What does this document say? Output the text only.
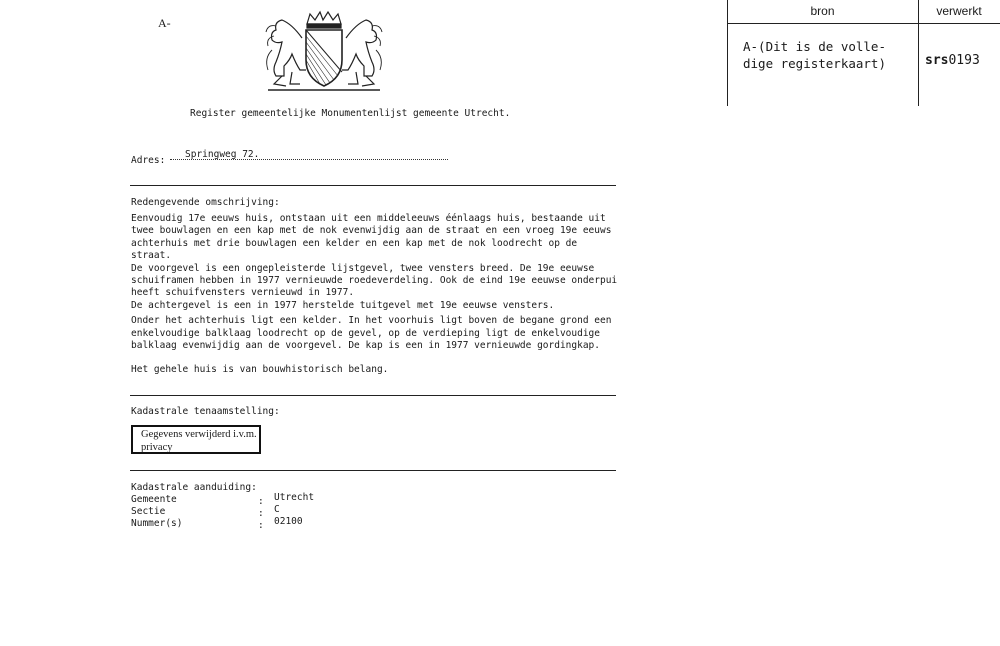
A-
Register gemeentelijke Monumentenlijst gemeente Utrecht.
Adres:
Springweg 72.
Redengevende omschrijving:

Eenvoudig 17e eeuws huis, ontstaan uit een middeleeuws éénlaags huis, bestaande uit twee bouwlagen en een kap met de nok evenwijdig aan de straat en een vroeg 19e eeuws achterhuis met drie bouwlagen een kelder en een kap met de nok loodrecht op de straat.

De voorgevel is een ongepleisterde lijstgevel, twee vensters breed. De 19e eeuwse schuiframen hebben in 1977 vernieuwde roedeverdeling. Ook de eind 19e eeuwse onderpui heeft schuifvensters vernieuwd in 1977.

De achtergevel is een in 1977 herstelde tuitgevel met 19e eeuwse vensters.

Onder het achterhuis ligt een kelder. In het voorhuis ligt boven de begane grond een enkelvoudige balklaag loodrecht op de gevel, op de verdieping ligt de enkelvoudige balklaag evenwijdig aan de voorgevel. De kap is een in 1977 vernieuwde gordingkap.

Het gehele huis is van bouwhistorisch belang.

Kadastrale tenaamstelling:
Gegevens verwijderd i.v.m. privacy
Kadastrale aanduiding:
Gemeente	: Utrecht
Sectie	: C
Nummer(s)	: 02100
bron	verwerkt
A-(Dit is de volle-
dige registerkaart)	srs0193
